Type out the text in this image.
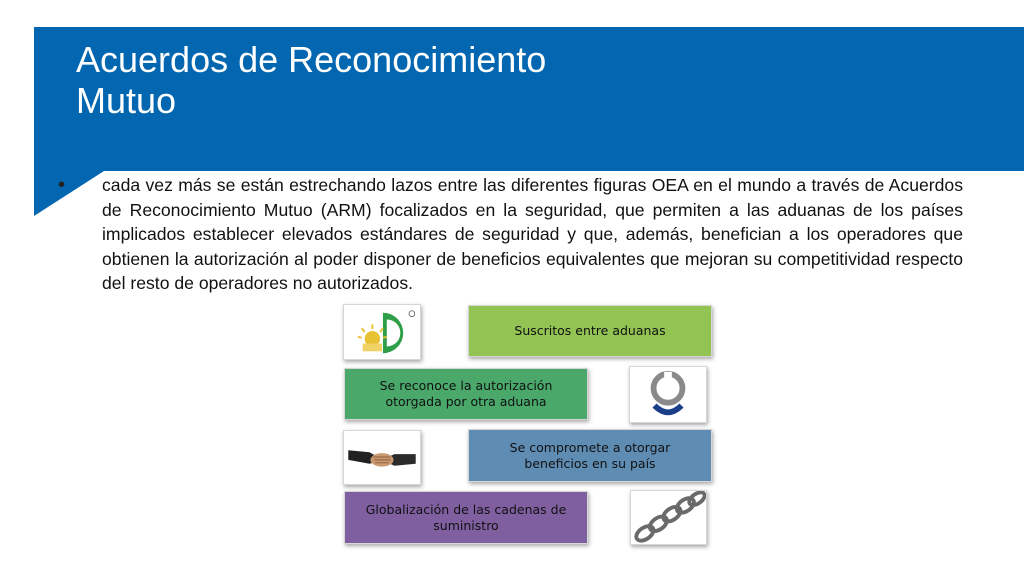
Acuerdos de Reconocimiento
Mutuo
• cada vez más se están estrechando lazos entre las diferentes figuras OEA en el mundo a través de Acuerdos de Reconocimiento Mutuo (ARM) focalizados en la seguridad, que permiten a las aduanas de los países implicados establecer elevados estándares de seguridad y que, además, benefician a los operadores que obtienen la autorización al poder disponer de beneficios equivalentes que mejoran su competitividad respecto del resto de operadores no autorizados.
Suscritos entre aduanas
Se reconoce la autorización otorgada por otra aduana
Se compromete a otorgar beneficios en su país
Globalización de las cadenas de suministro
